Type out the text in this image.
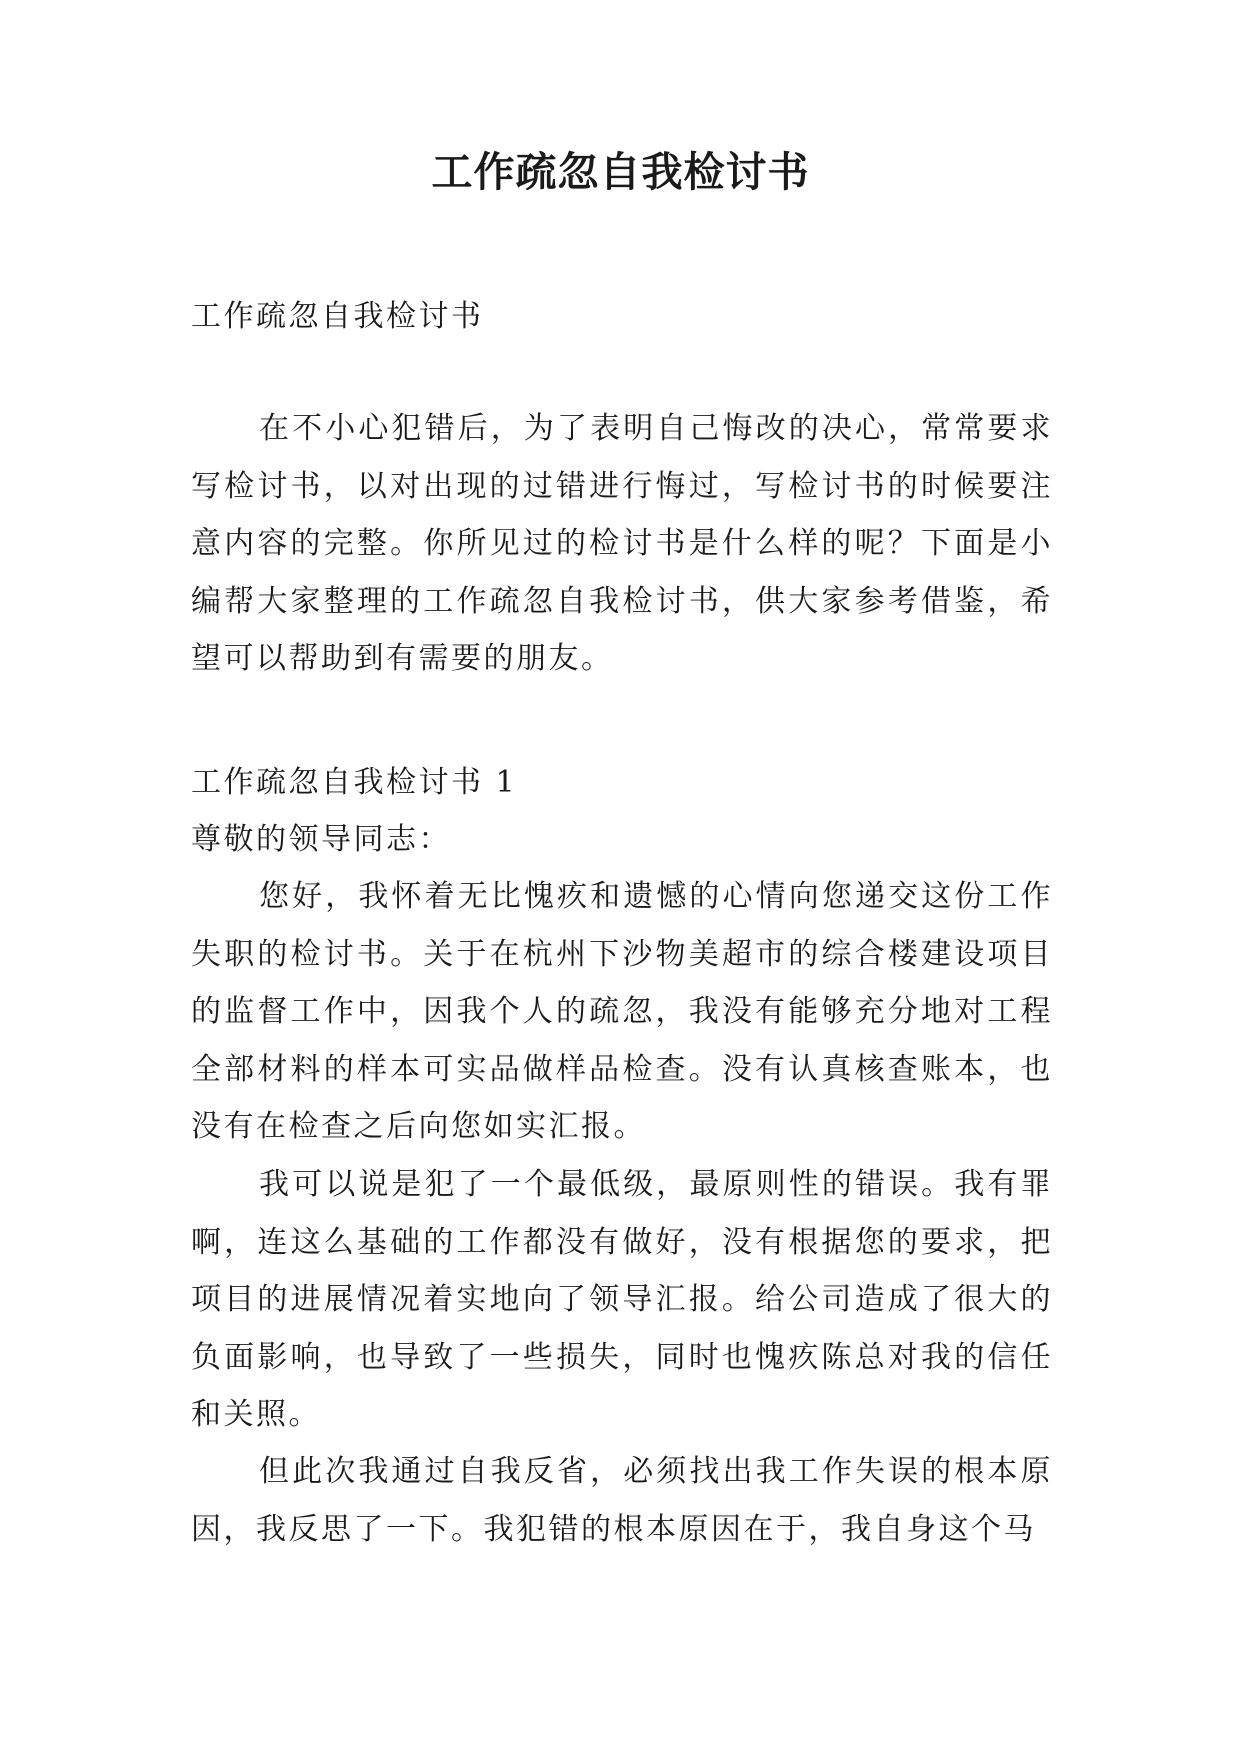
工作疏忽自我检讨书

工作疏忽自我检讨书

在不小心犯错后，为了表明自己悔改的决心，常常要求写检讨书，以对出现的过错进行悔过，写检讨书的时候要注意内容的完整。你所见过的检讨书是什么样的呢？下面是小编帮大家整理的工作疏忽自我检讨书，供大家参考借鉴，希望可以帮助到有需要的朋友。

工作疏忽自我检讨书 1

尊敬的领导同志：

您好，我怀着无比愧疚和遗憾的心情向您递交这份工作失职的检讨书。关于在杭州下沙物美超市的综合楼建设项目的监督工作中，因我个人的疏忽，我没有能够充分地对工程全部材料的样本可实品做样品检查。没有认真核查账本，也没有在检查之后向您如实汇报。

我可以说是犯了一个最低级，最原则性的错误。我有罪啊，连这么基础的工作都没有做好，没有根据您的要求，把项目的进展情况着实地向了领导汇报。给公司造成了很大的负面影响，也导致了一些损失，同时也愧疚陈总对我的信任和关照。

但此次我通过自我反省，必须找出我工作失误的根本原因，我反思了一下。我犯错的根本原因在于，我自身这个马
